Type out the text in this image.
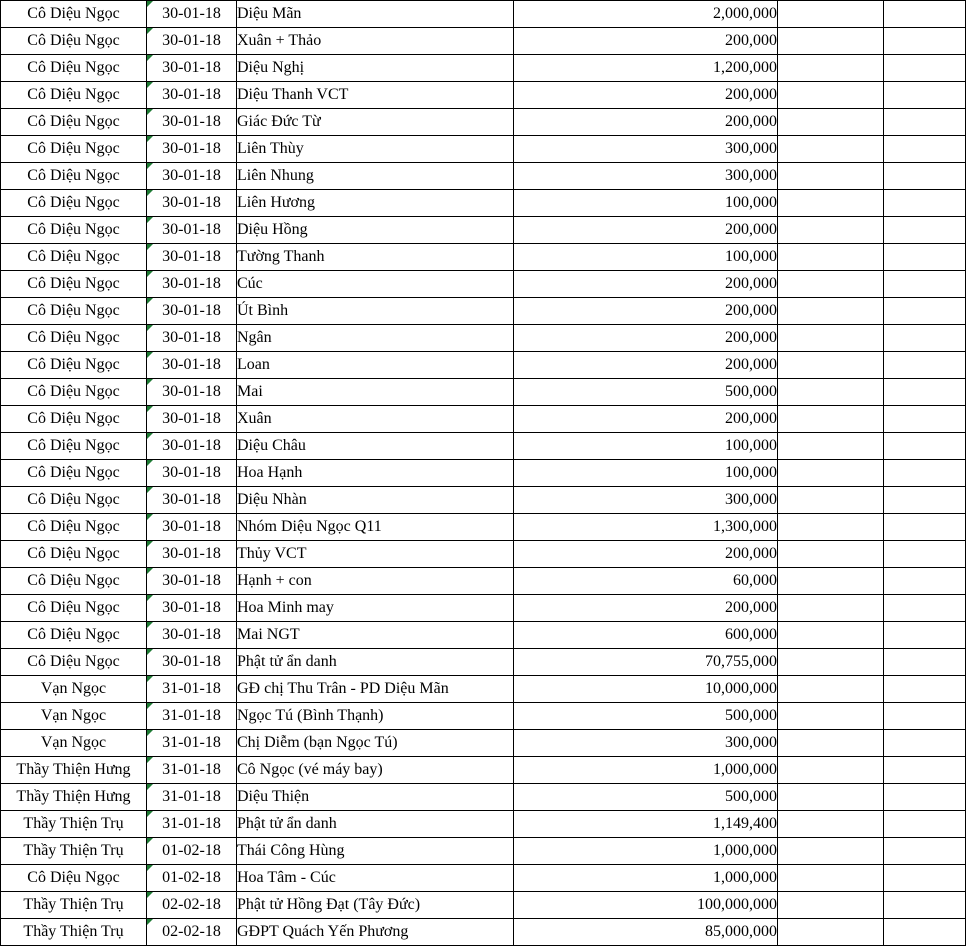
Cô Diệu Ngọc	30-01-18	Diệu Mãn	2,000,000		
Cô Diệu Ngọc	30-01-18	Xuân + Thảo	200,000		
Cô Diệu Ngọc	30-01-18	Diệu Nghị	1,200,000		
Cô Diệu Ngọc	30-01-18	Diệu Thanh VCT	200,000		
Cô Diệu Ngọc	30-01-18	Giác Đức Từ	200,000		
Cô Diệu Ngọc	30-01-18	Liên Thùy	300,000		
Cô Diệu Ngọc	30-01-18	Liên Nhung	300,000		
Cô Diệu Ngọc	30-01-18	Liên Hương	100,000		
Cô Diệu Ngọc	30-01-18	Diệu Hồng	200,000		
Cô Diệu Ngọc	30-01-18	Tường Thanh	100,000		
Cô Diệu Ngọc	30-01-18	Cúc	200,000		
Cô Diệu Ngọc	30-01-18	Út Bình	200,000		
Cô Diệu Ngọc	30-01-18	Ngân	200,000		
Cô Diệu Ngọc	30-01-18	Loan	200,000		
Cô Diệu Ngọc	30-01-18	Mai	500,000		
Cô Diệu Ngọc	30-01-18	Xuân	200,000		
Cô Diệu Ngọc	30-01-18	Diệu Châu	100,000		
Cô Diệu Ngọc	30-01-18	Hoa Hạnh	100,000		
Cô Diệu Ngọc	30-01-18	Diệu Nhàn	300,000		
Cô Diệu Ngọc	30-01-18	Nhóm Diệu Ngọc Q11	1,300,000		
Cô Diệu Ngọc	30-01-18	Thủy VCT	200,000		
Cô Diệu Ngọc	30-01-18	Hạnh + con	60,000		
Cô Diệu Ngọc	30-01-18	Hoa Minh may	200,000		
Cô Diệu Ngọc	30-01-18	Mai NGT	600,000		
Cô Diệu Ngọc	30-01-18	Phật tử ẩn danh	70,755,000		
Vạn Ngọc	31-01-18	GĐ chị Thu Trân - PD Diệu Mãn	10,000,000		
Vạn Ngọc	31-01-18	Ngọc Tú (Bình Thạnh)	500,000		
Vạn Ngọc	31-01-18	Chị Diễm (bạn Ngọc Tú)	300,000		
Thầy Thiện Hưng	31-01-18	Cô Ngọc (vé máy bay)	1,000,000		
Thầy Thiện Hưng	31-01-18	Diệu Thiện	500,000		
Thầy Thiện Trụ	31-01-18	Phật tử ẩn danh	1,149,400		
Thầy Thiện Trụ	01-02-18	Thái Công Hùng	1,000,000		
Cô Diệu Ngọc	01-02-18	Hoa Tâm - Cúc	1,000,000		
Thầy Thiện Trụ	02-02-18	Phật tử Hồng Đạt (Tây Đức)	100,000,000		
Thầy Thiện Trụ	02-02-18	GĐPT Quách Yến Phương	85,000,000		
